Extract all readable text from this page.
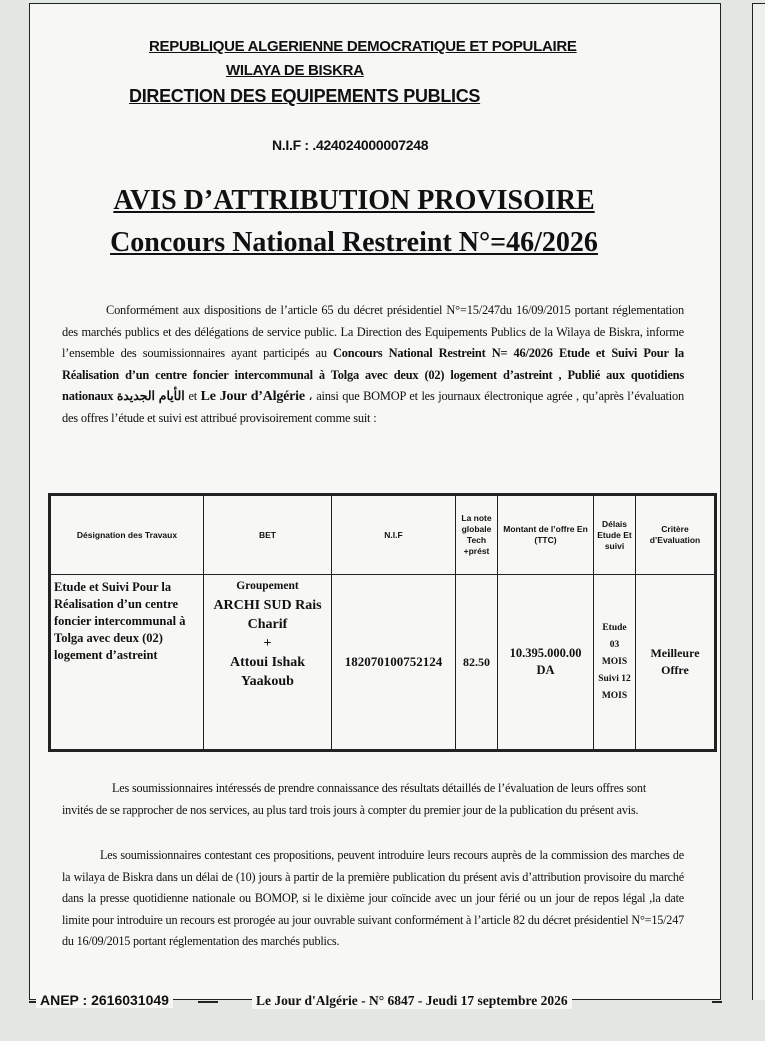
REPUBLIQUE ALGERIENNE DEMOCRATIQUE ET POPULAIRE
WILAYA DE BISKRA
DIRECTION DES EQUIPEMENTS PUBLICS
N.I.F : .424024000007248
AVIS D’ATTRIBUTION PROVISOIRE
Concours National Restreint N°=46/2026
Conformément aux dispositions de l’article 65 du décret présidentiel N°=15/247du 16/09/2015 portant réglementation des marchés publics et des délégations de service public. La Direction des Equipements Publics de la Wilaya de Biskra, informe l’ensemble des soumissionnaires ayant participés au Concours National Restreint N= 46/2026 Etude et Suivi Pour la Réalisation d’un centre foncier intercommunal à Tolga avec deux (02) logement d’astreint , Publié aux quotidiens nationaux الجديدة الأيام et Le Jour d’Algérie ، ainsi que BOMOP et les journaux électronique agrée , qu’après l’évaluation des offres l’étude et suivi est attribué provisoirement comme suit :
Désignation des Travaux	BET	N.I.F	La note globale Tech +prést	Montant de l’offre En (TTC)	Délais Etude Et suivi	Critère d’Evaluation
Etude et Suivi Pour la Réalisation d’un centre foncier intercommunal à Tolga avec deux (02) logement d’astreint	Groupement
ARCHI SUD Rais Charif
+
Attoui Ishak Yaakoub	182070100752124	82.50	10.395.000.00 DA	Etude 03 MOIS Suivi 12 MOIS	Meilleure Offre
Les soumissionnaires intéressés de prendre connaissance des résultats détaillés de l’évaluation de leurs offres sont invités de se rapprocher de nos services, au plus tard trois jours à compter du premier jour de la publication du présent avis.
Les soumissionnaires contestant ces propositions, peuvent introduire leurs recours auprès de la commission des marches de la wilaya de Biskra dans un délai de (10) jours à partir de la première publication du présent avis d’attribution provisoire du marché dans la presse quotidienne nationale ou BOMOP, si le dixième jour coïncide avec un jour férié ou un jour de repos légal ,la date limite pour introduire un recours est prorogée au jour ouvrable suivant conformément à l’article 82 du décret présidentiel N°=15/247 du 16/09/2015 portant réglementation des marchés publics.
ANEP : 2616031049	Le Jour d'Algérie - N° 6847 - Jeudi 17 septembre 2026
